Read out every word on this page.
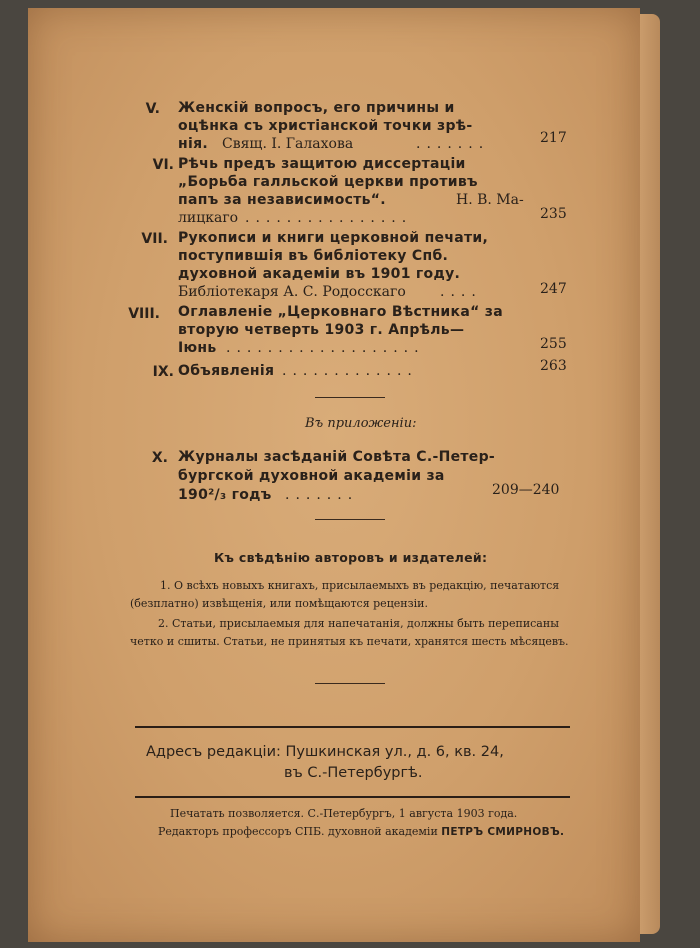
V. Женскій вопросъ, его причины и
оцѣнка съ христіанской точки зрѣ-
нія. Свящ. І. Галахова	.......	217
VI. Рѣчь предъ защитою диссертаціи
„Борьба галльской церкви противъ
папъ за независимость“.	Н. В. Ма-
лицкаго ................	235
VII. Рукописи и книги церковной печати,
поступившія въ библіотеку Спб.
духовной академіи въ 1901 году.
Библіотекаря А. С. Родосскаго ....	247
VIII. Оглавленіе „Церковнаго Вѣстника“ за
вторую четверть 1903 г. Апрѣль—
Іюнь ...................	255
IX. Объявленія .............	263
Въ приложеніи:
X. Журналы засѣданій Совѣта С.-Петер-
бургской духовной академіи за
190²/₃ годъ .......	209—240
Къ свѣдѣнію авторовъ и издателей:
1. О всѣхъ новыхъ книгахъ, присылаемыхъ въ редакцію, печатаются
(безплатно) извѣщенія, или помѣщаются рецензіи.
2. Статьи, присылаемыя для напечатанія, должны быть переписаны
четко и сшиты. Статьи, не принятыя къ печати, хранятся шесть мѣсяцевъ.
Адресъ редакціи: Пушкинская ул., д. 6, кв. 24,
въ С.-Петербургѣ.
Печатать позволяется. С.-Петербургъ, 1 августа 1903 года.
Редакторъ профессоръ СПБ. духовной академіи ПЕТРЪ СМИРНОВЪ.
